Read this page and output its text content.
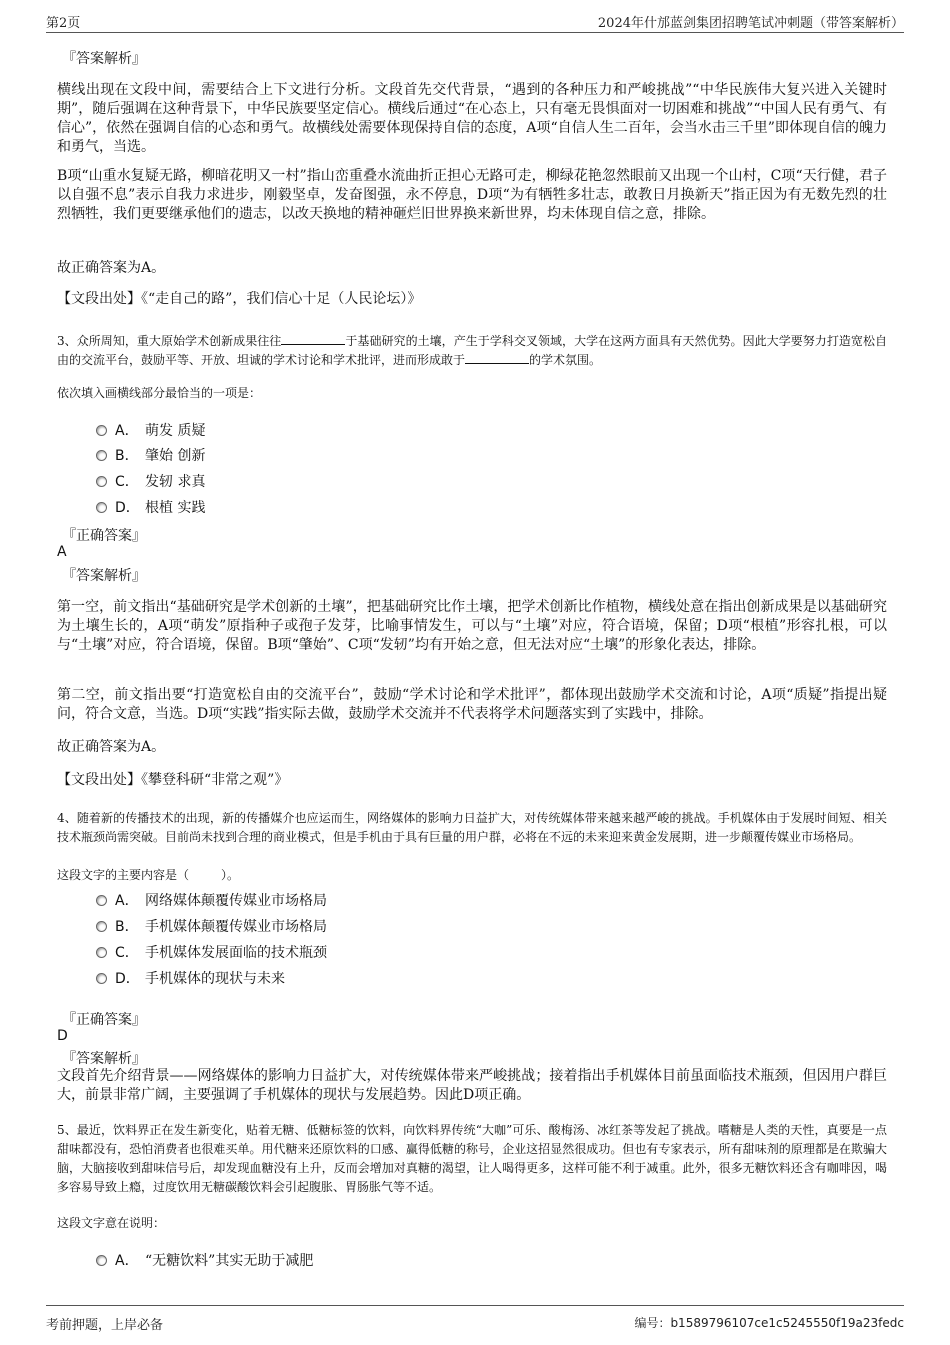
第2页	2024年什邡蓝剑集团招聘笔试冲刺题（带答案解析）
『答案解析』
横线出现在文段中间，需要结合上下文进行分析。文段首先交代背景，“遇到的各种压力和严峻挑战”“中华民族伟大复兴进入关键时期”，随后强调在这种背景下，中华民族要坚定信心。横线后通过“在心态上，只有毫无畏惧面对一切困难和挑战”“中国人民有勇气、有信心”，依然在强调自信的心态和勇气。故横线处需要体现保持自信的态度，A项“自信人生二百年，会当水击三千里”即体现自信的魄力和勇气，当选。
B项“山重水复疑无路，柳暗花明又一村”指山峦重叠水流曲折正担心无路可走，柳绿花艳忽然眼前又出现一个山村，C项“天行健，君子以自强不息”表示自我力求进步，刚毅坚卓，发奋图强，永不停息，D项“为有牺牲多壮志，敢教日月换新天”指正因为有无数先烈的壮烈牺牲，我们更要继承他们的遗志，以改天换地的精神砸烂旧世界换来新世界，均未体现自信之意，排除。
故正确答案为A。
【文段出处】《“走自己的路”，我们信心十足（人民论坛）》
3、众所周知，重大原始学术创新成果往往	于基础研究的土壤，产生于学科交叉领域，大学在这两方面具有天然优势。因此大学要努力打造宽松自由的交流平台，鼓励平等、开放、坦诚的学术讨论和学术批评，进而形成敢于	的学术氛围。
依次填入画横线部分最恰当的一项是：
A． 萌发 质疑
B． 肇始 创新
C． 发轫 求真
D． 根植 实践
『正确答案』
A
『答案解析』
第一空，前文指出“基础研究是学术创新的土壤”，把基础研究比作土壤，把学术创新比作植物，横线处意在指出创新成果是以基础研究为土壤生长的，A项“萌发”原指种子或孢子发芽，比喻事情发生，可以与“土壤”对应，符合语境，保留；D项“根植”形容扎根，可以与“土壤”对应，符合语境，保留。B项“肇始”、C项“发轫”均有开始之意，但无法对应“土壤”的形象化表达，排除。
第二空，前文指出要“打造宽松自由的交流平台”，鼓励“学术讨论和学术批评”，都体现出鼓励学术交流和讨论，A项“质疑”指提出疑问，符合文意，当选。D项“实践”指实际去做，鼓励学术交流并不代表将学术问题落实到了实践中，排除。
故正确答案为A。
【文段出处】《攀登科研“非常之观”》
4、随着新的传播技术的出现，新的传播媒介也应运而生，网络媒体的影响力日益扩大，对传统媒体带来越来越严峻的挑战。手机媒体由于发展时间短、相关技术瓶颈尚需突破。目前尚未找到合理的商业模式，但是手机由于具有巨量的用户群，必将在不远的未来迎来黄金发展期，进一步颠覆传媒业市场格局。
这段文字的主要内容是（	）。
A． 网络媒体颠覆传媒业市场格局
B． 手机媒体颠覆传媒业市场格局
C． 手机媒体发展面临的技术瓶颈
D． 手机媒体的现状与未来
『正确答案』
D
『答案解析』
文段首先介绍背景——网络媒体的影响力日益扩大，对传统媒体带来严峻挑战；接着指出手机媒体目前虽面临技术瓶颈，但因用户群巨大，前景非常广阔，主要强调了手机媒体的现状与发展趋势。因此D项正确。
5、最近，饮料界正在发生新变化，贴着无糖、低糖标签的饮料，向饮料界传统“大咖”可乐、酸梅汤、冰红茶等发起了挑战。嗜糖是人类的天性，真要是一点甜味都没有，恐怕消费者也很难买单。用代糖来还原饮料的口感、赢得低糖的称号，企业这招显然很成功。但也有专家表示，所有甜味剂的原理都是在欺骗大脑，大脑接收到甜味信号后，却发现血糖没有上升，反而会增加对真糖的渴望，让人喝得更多，这样可能不利于减重。此外，很多无糖饮料还含有咖啡因，喝多容易导致上瘾，过度饮用无糖碳酸饮料会引起腹胀、胃肠胀气等不适。
这段文字意在说明：
A． “无糖饮料”其实无助于减肥
考前押题，上岸必备	编号：b1589796107ce1c5245550f19a23fedc
